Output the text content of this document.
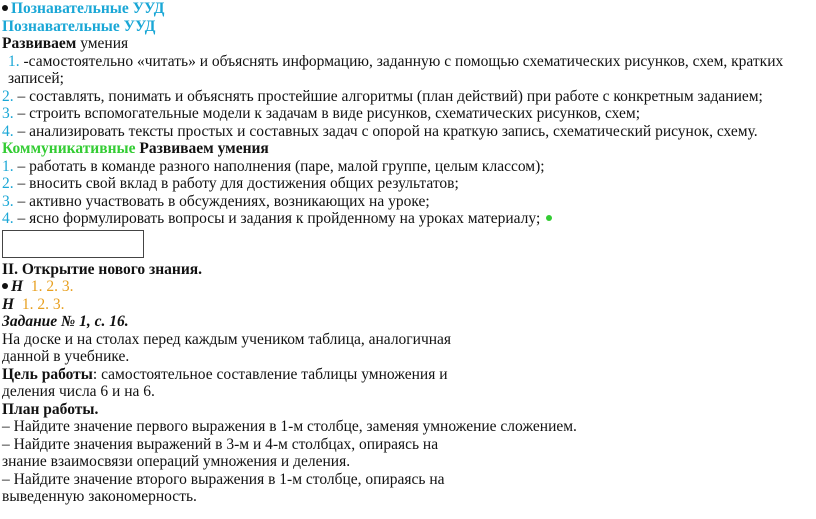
Познавательные УУД
Познавательные УУД
Развиваем умения
1. -самостоятельно «читать» и объяснять информацию, заданную с помощью схематических рисунков, схем, кратких записей;
2. – составлять, понимать и объяснять простейшие алгоритмы (план действий) при работе с конкретным заданием;
3. – строить вспомогательные модели к задачам в виде рисунков, схематических рисунков, схем;
4. – анализировать тексты простых и составных задач с опорой на краткую запись, схематический рисунок, схему.
Коммуникативные Развиваем умения
1. – работать в команде разного наполнения (паре, малой группе, целым классом);
2. – вносить свой вклад в работу для достижения общих результатов;
3. – активно участвовать в обсуждениях, возникающих на уроке;
4. – ясно формулировать вопросы и задания к пройденному на уроках материалу;
II. Открытие нового знания.
Н 1. 2. 3.
Н 1. 2. 3.
Задание № 1, с. 16.
На доске и на столах перед каждым учеником таблица, аналогичная
данной в учебнике.
Цель работы: самостоятельное составление таблицы умножения и
деления числа 6 и на 6.
План работы.
– Найдите значение первого выражения в 1-м столбце, заменяя умножение сложением.
– Найдите значения выражений в 3-м и 4-м столбцах, опираясь на
знание взаимосвязи операций умножения и деления.
– Найдите значение второго выражения в 1-м столбце, опираясь на
выведенную закономерность.
